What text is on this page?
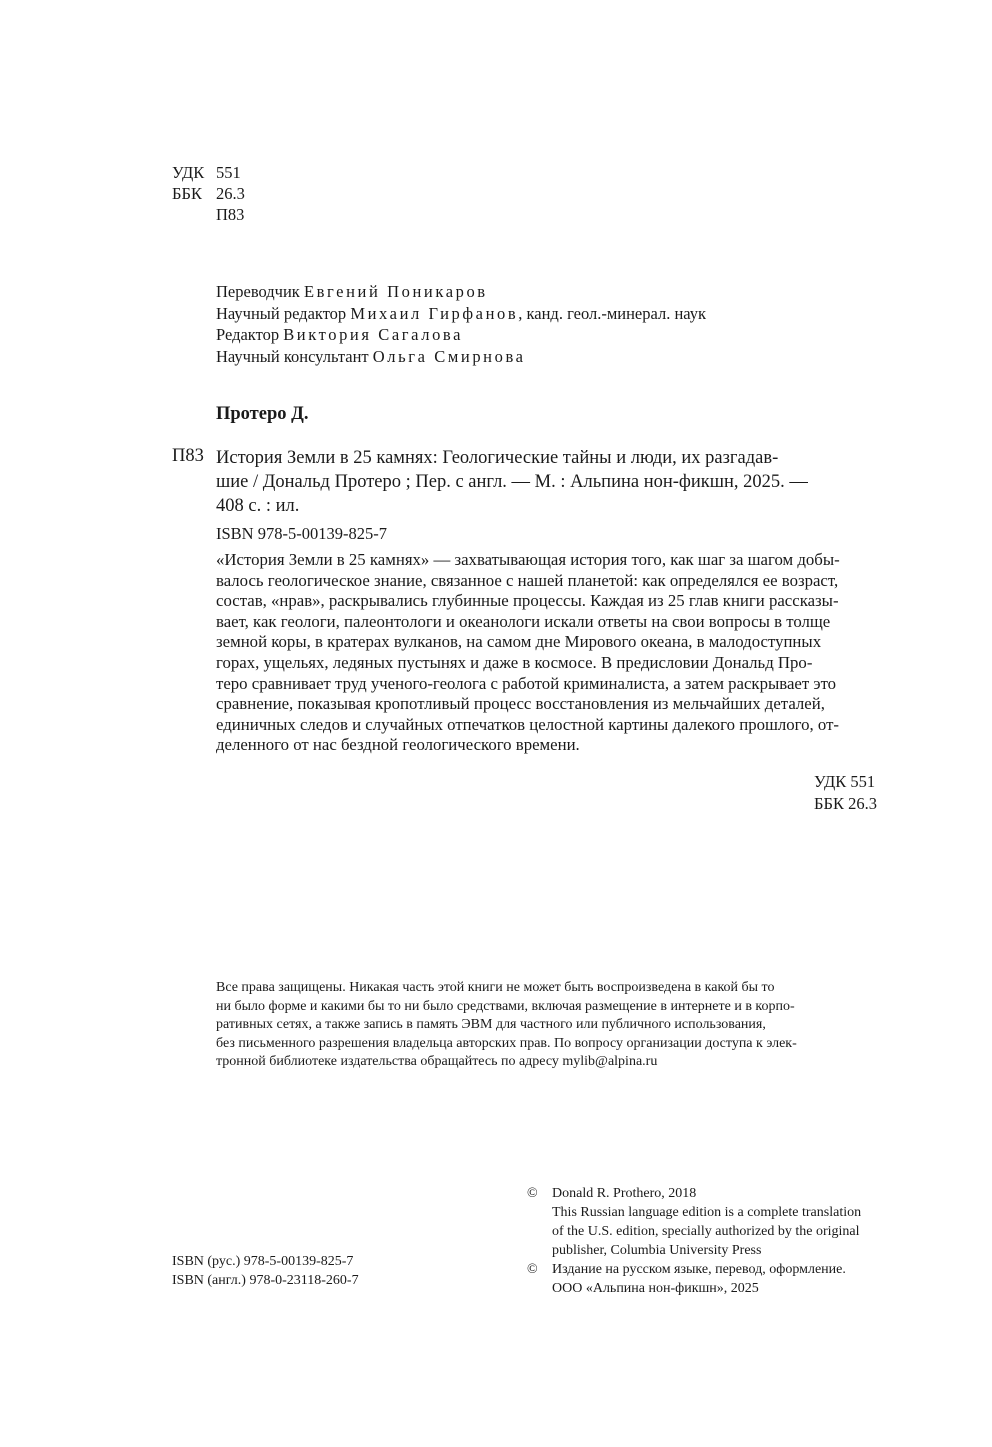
УДК 551
ББК 26.3
П83
Переводчик Евгений Поникаров
Научный редактор Михаил Гирфанов, канд. геол.-минерал. наук
Редактор Виктория Сагалова
Научный консультант Ольга Смирнова
Протеро Д.
П83 История Земли в 25 камнях: Геологические тайны и люди, их разгадав-
шие / Дональд Протеро ; Пер. с англ. — М. : Альпина нон-фикшн, 2025. —
408 с. : ил.
ISBN 978-5-00139-825-7
«История Земли в 25 камнях» — захватывающая история того, как шаг за шагом добы-
валось геологическое знание, связанное с нашей планетой: как определялся ее возраст,
состав, «нрав», раскрывались глубинные процессы. Каждая из 25 глав книги рассказы-
вает, как геологи, палеонтологи и океанологи искали ответы на свои вопросы в толще
земной коры, в кратерах вулканов, на самом дне Мирового океана, в малодоступных
горах, ущельях, ледяных пустынях и даже в космосе. В предисловии Дональд Про-
теро сравнивает труд ученого-геолога с работой криминалиста, а затем раскрывает это
сравнение, показывая кропотливый процесс восстановления из мельчайших деталей,
единичных следов и случайных отпечатков целостной картины далекого прошлого, от-
деленного от нас бездной геологического времени.
УДК 551
ББК 26.3
Все права защищены. Никакая часть этой книги не может быть воспроизведена в какой бы то
ни было форме и какими бы то ни было средствами, включая размещение в интернете и в корпо-
ративных сетях, а также запись в память ЭВМ для частного или публичного использования,
без письменного разрешения владельца авторских прав. По вопросу организации доступа к элек-
тронной библиотеке издательства обращайтесь по адресу mylib@alpina.ru
©	Donald R. Prothero, 2018
This Russian language edition is a complete translation
of the U.S. edition, specially authorized by the original
publisher, Columbia University Press
©	Издание на русском языке, перевод, оформление.
ООО «Альпина нон-фикшн», 2025
ISBN (рус.) 978-5-00139-825-7
ISBN (англ.) 978-0-23118-260-7
